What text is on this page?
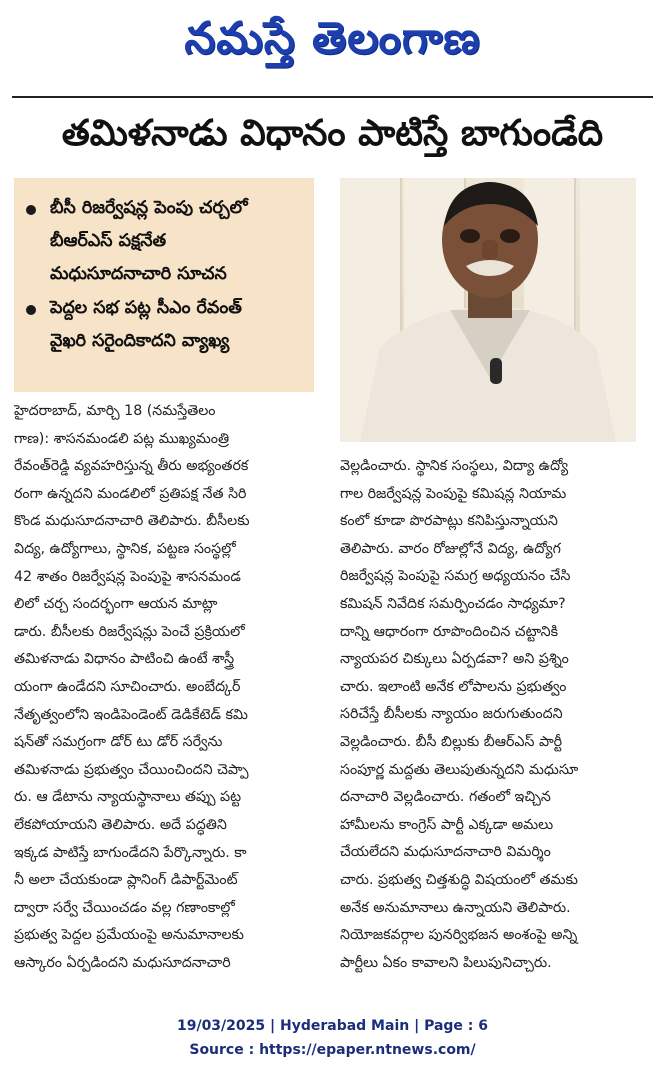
నమస్తే తెలంగాణ
తమిళనాడు విధానం పాటిస్తే బాగుండేది
బీసీ రిజర్వేషన్ల పెంపు చర్చలో
బీఆర్ఎస్ పక్షనేత
మధుసూదనాచారి సూచన
పెద్దల సభ పట్ల సీఎం రేవంత్
వైఖరి సరైందికాదని వ్యాఖ్య
హైదరాబాద్, మార్చి 18 (నమస్తేతెలం
గాణ): శాసనమండలి పట్ల ముఖ్యమంత్రి
రేవంత్‌రెడ్డి వ్యవహరిస్తున్న తీరు అభ్యంతరక
రంగా ఉన్నదని మండలిలో ప్రతిపక్ష నేత సిరి
కొండ మధుసూదనాచారి తెలిపారు. బీసీలకు
విద్య, ఉద్యోగాలు, స్థానిక, పట్టణ సంస్థల్లో
42 శాతం రిజర్వేషన్ల పెంపుపై శాసనమండ
లిలో చర్చ సందర్భంగా ఆయన మాట్లా
డారు. బీసీలకు రిజర్వేషన్లు పెంచే ప్రక్రియలో
తమిళనాడు విధానం పాటించి ఉంటే శాస్త్రీ
యంగా ఉండేదని సూచించారు. అంబేద్కర్
నేతృత్వంలోని ఇండిపెండెంట్ డెడికేటెడ్ కమి
షన్‌తో సమగ్రంగా డోర్ టు డోర్ సర్వేను
తమిళనాడు ప్రభుత్వం చేయించిందని చెప్పా
రు. ఆ డేటాను న్యాయస్థానాలు తప్పు పట్ట
లేకపోయాయని తెలిపారు. అదే పద్ధతిని
ఇక్కడ పాటిస్తే బాగుండేదని పేర్కొన్నారు. కా
నీ అలా చేయకుండా ప్లానింగ్ డిపార్ట్‌మెంట్
ద్వారా సర్వే చేయించడం వల్ల గణాంకాల్లో
ప్రభుత్వ పెద్దల ప్రమేయంపై అనుమానాలకు
ఆస్కారం ఏర్పడిందని మధుసూదనాచారి
వెల్లడించారు. స్థానిక సంస్థలు, విద్యా ఉద్యో
గాల రిజర్వేషన్ల పెంపుపై కమిషన్ల నియామ
కంలో కూడా పొరపాట్లు కనిపిస్తున్నాయని
తెలిపారు. వారం రోజుల్లోనే విద్య, ఉద్యోగ
రిజర్వేషన్ల పెంపుపై సమగ్ర అధ్యయనం చేసి
కమిషన్ నివేదిక సమర్పించడం సాధ్యమా?
దాన్ని ఆధారంగా రూపొందించిన చట్టానికి
న్యాయపర చిక్కులు ఏర్పడవా? అని ప్రశ్నిం
చారు. ఇలాంటి అనేక లోపాలను ప్రభుత్వం
సరిచేస్తే బీసీలకు న్యాయం జరుగుతుందని
వెల్లడించారు. బీసీ బిల్లుకు బీఆర్ఎస్ పార్టీ
సంపూర్ణ మద్దతు తెలుపుతున్నదని మధుసూ
దనాచారి వెల్లడించారు. గతంలో ఇచ్చిన
హామీలను కాంగ్రెస్ పార్టీ ఎక్కడా అమలు
చేయలేదని మధుసూదనాచారి విమర్శిం
చారు. ప్రభుత్వ చిత్తశుద్ధి విషయంలో తమకు
అనేక అనుమానాలు ఉన్నాయని తెలిపారు.
నియోజకవర్గాల పునర్విభజన అంశంపై అన్ని
పార్టీలు ఏకం కావాలని పిలుపునిచ్చారు.
19/03/2025 | Hyderabad Main | Page : 6
Source : https://epaper.ntnews.com/
